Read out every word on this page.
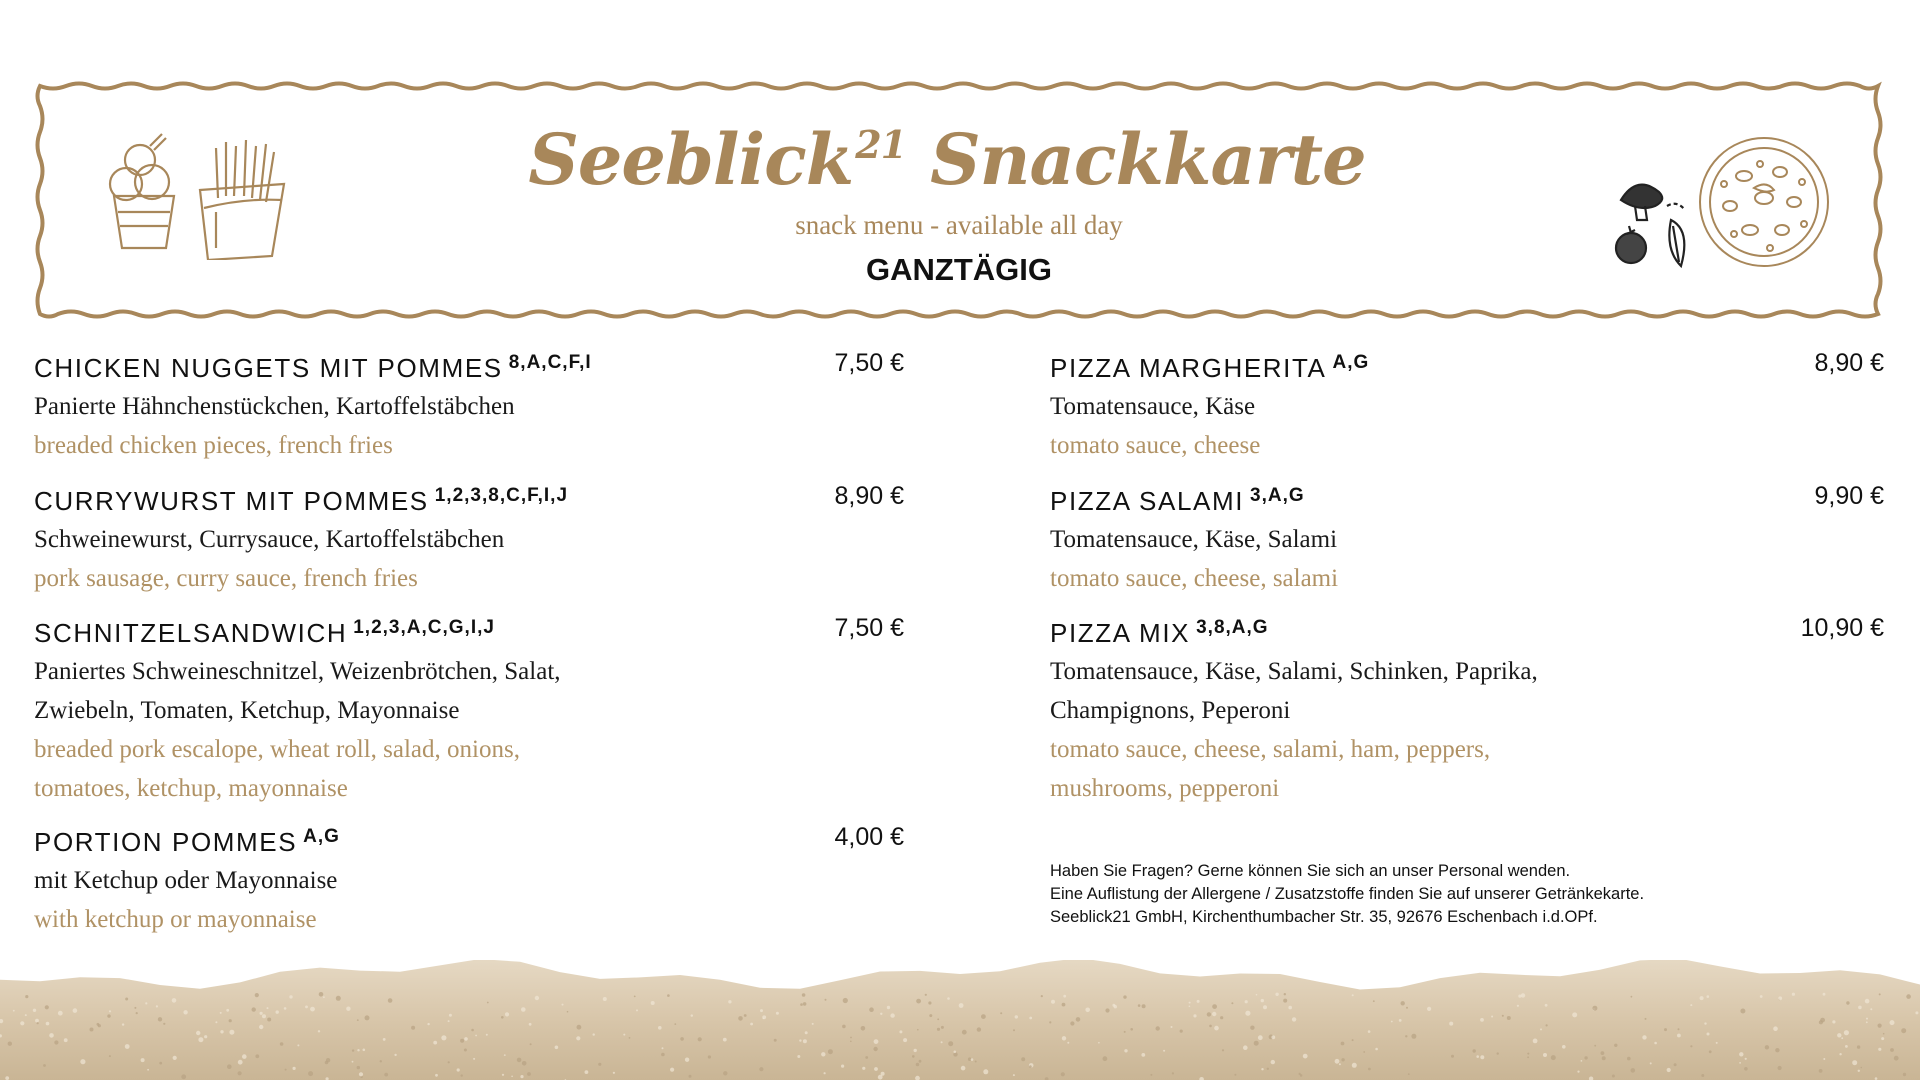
Seeblick$^{21}$ Snackkarte
snack menu - available all day
GANZTÄGIG
CHICKEN NUGGETS MIT POMMES $^{8,A,C,F,I}$	7,50 €
Panierte Hähnchenstückchen, Kartoffelstäbchen
breaded chicken pieces, french fries
CURRYWURST MIT POMMES $^{1,2,3,8,C,F,I,J}$	8,90 €
Schweinewurst, Currysauce, Kartoffelstäbchen
pork sausage, curry sauce, french fries
SCHNITZELSANDWICH $^{1,2,3,A,C,G,I,J}$	7,50 €
Paniertes Schweineschnitzel, Weizenbrötchen, Salat,
Zwiebeln, Tomaten, Ketchup, Mayonnaise
breaded pork escalope, wheat roll, salad, onions,
tomatoes, ketchup, mayonnaise
PORTION POMMES $^{A,G}$	4,00 €
mit Ketchup oder Mayonnaise
with ketchup or mayonnaise
PIZZA MARGHERITA $^{A,G}$	8,90 €
Tomatensauce, Käse
tomato sauce, cheese
PIZZA SALAMI $^{3,A,G}$	9,90 €
Tomatensauce, Käse, Salami
tomato sauce, cheese, salami
PIZZA MIX $^{3,8,A,G}$	10,90 €
Tomatensauce, Käse, Salami, Schinken, Paprika,
Champignons, Peperoni
tomato sauce, cheese, salami, ham, peppers,
mushrooms, pepperoni
Haben Sie Fragen? Gerne können Sie sich an unser Personal wenden.
Eine Auflistung der Allergene / Zusatzstoffe finden Sie auf unserer Getränkekarte.
Seeblick21 GmbH, Kirchenthumbacher Str. 35, 92676 Eschenbach i.d.OPf.
